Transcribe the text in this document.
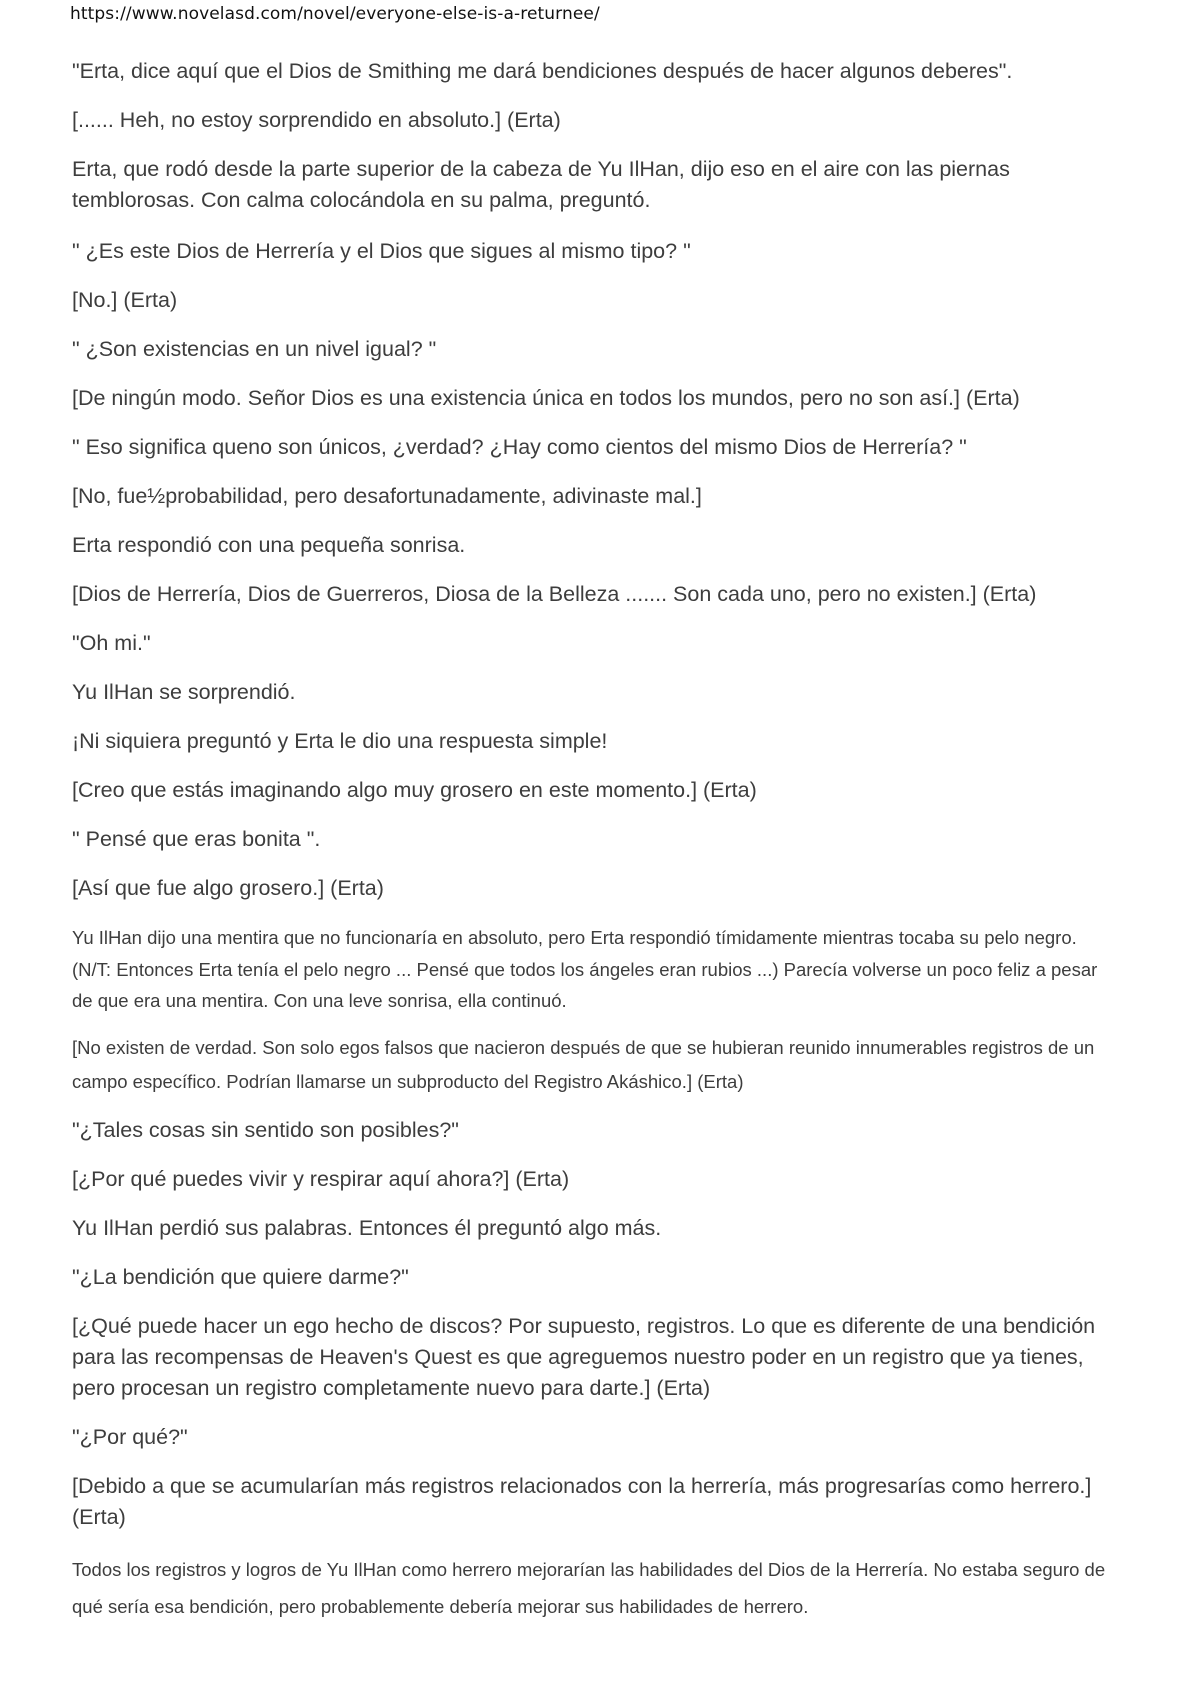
https://www.novelasd.com/novel/everyone-else-is-a-returnee/

"Erta, dice aquí que el Dios de Smithing me dará bendiciones después de hacer algunos deberes".

[...... Heh, no estoy sorprendido en absoluto.] (Erta)

Erta, que rodó desde la parte superior de la cabeza de Yu IlHan, dijo eso en el aire con las piernas temblorosas. Con calma colocándola en su palma, preguntó.

" ¿Es este Dios de Herrería y el Dios que sigues al mismo tipo? "

[No.] (Erta)

" ¿Son existencias en un nivel igual? "

[De ningún modo. Señor Dios es una existencia única en todos los mundos, pero no son así.] (Erta)

" Eso significa queno son únicos, ¿verdad? ¿Hay como cientos del mismo Dios de Herrería? "

[No, fue½probabilidad, pero desafortunadamente, adivinaste mal.]

Erta respondió con una pequeña sonrisa.

[Dios de Herrería, Dios de Guerreros, Diosa de la Belleza ....... Son cada uno, pero no existen.] (Erta)

"Oh mi."

Yu IlHan se sorprendió.

¡Ni siquiera preguntó y Erta le dio una respuesta simple!

[Creo que estás imaginando algo muy grosero en este momento.] (Erta)

" Pensé que eras bonita ".

[Así que fue algo grosero.] (Erta)

Yu IlHan dijo una mentira que no funcionaría en absoluto, pero Erta respondió tímidamente mientras tocaba su pelo negro. (N/T: Entonces Erta tenía el pelo negro ... Pensé que todos los ángeles eran rubios ...) Parecía volverse un poco feliz a pesar de que era una mentira. Con una leve sonrisa, ella continuó.

[No existen de verdad. Son solo egos falsos que nacieron después de que se hubieran reunido innumerables registros de un campo específico. Podrían llamarse un subproducto del Registro Akáshico.] (Erta)

"¿Tales cosas sin sentido son posibles?"

[¿Por qué puedes vivir y respirar aquí ahora?] (Erta)

Yu IlHan perdió sus palabras. Entonces él preguntó algo más.

"¿La bendición que quiere darme?"

[¿Qué puede hacer un ego hecho de discos? Por supuesto, registros. Lo que es diferente de una bendición para las recompensas de Heaven's Quest es que agreguemos nuestro poder en un registro que ya tienes, pero procesan un registro completamente nuevo para darte.] (Erta)

"¿Por qué?"

[Debido a que se acumularían más registros relacionados con la herrería, más progresarías como herrero.] (Erta)

Todos los registros y logros de Yu IlHan como herrero mejorarían las habilidades del Dios de la Herrería. No estaba seguro de qué sería esa bendición, pero probablemente debería mejorar sus habilidades de herrero.
